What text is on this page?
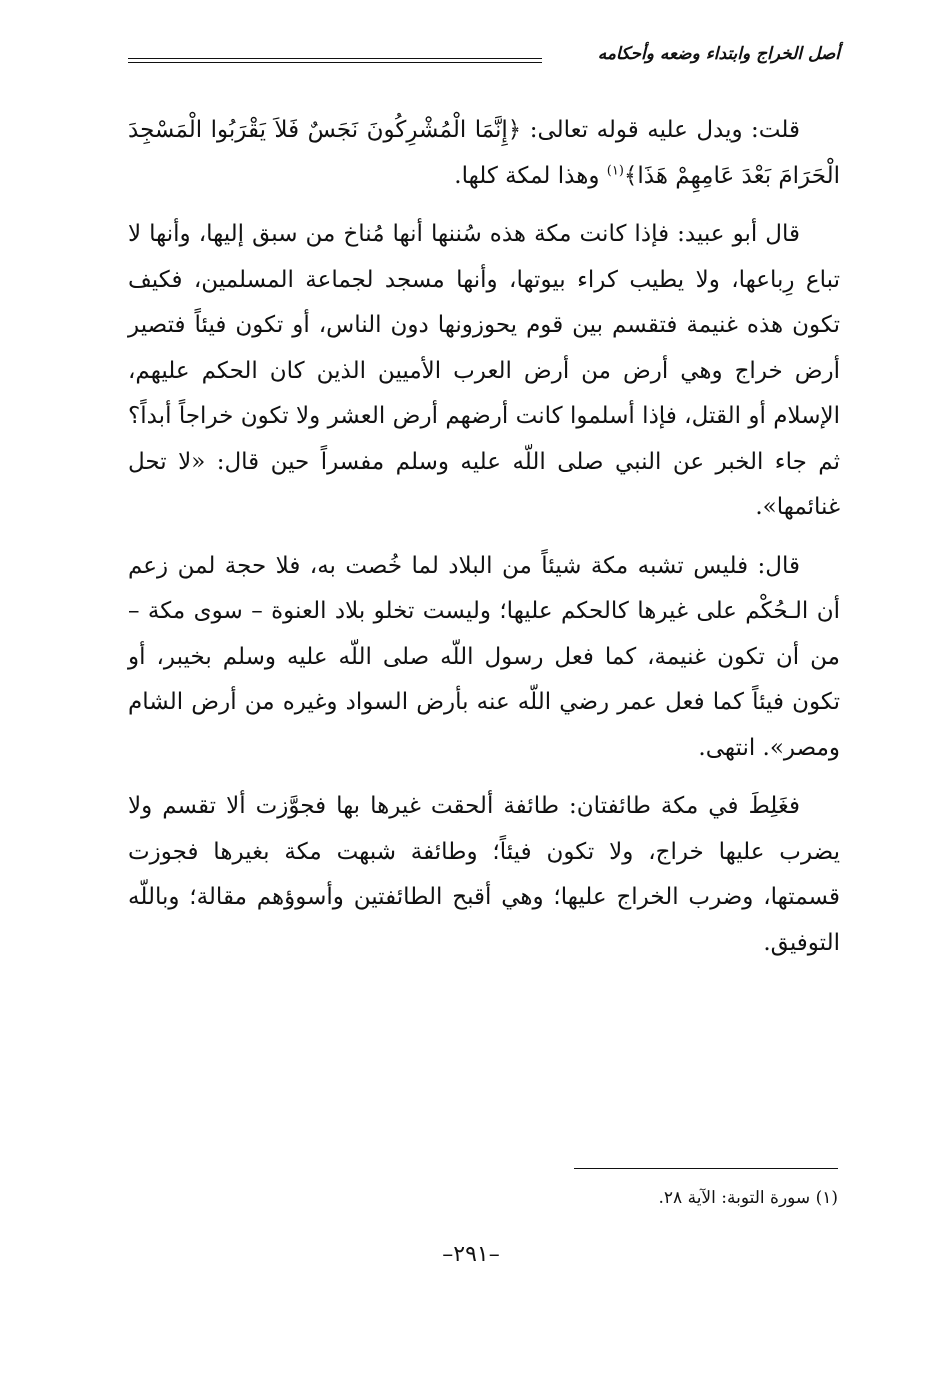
أصل الخراج وابتداء وضعه وأحكامه

قلت: ويدل عليه قوله تعالى: ﴿إِنَّمَا الْمُشْرِكُونَ نَجَسٌ فَلاَ يَقْرَبُوا الْمَسْجِدَ الْحَرَامَ بَعْدَ عَامِهِمْ هَذَا﴾$^{(١)}$ وهذا لمكة كلها.

قال أبو عبيد: فإذا كانت مكة هذه سُننها أنها مُناخ من سبق إليها، وأنها لا تباع رِباعها، ولا يطيب كراء بيوتها، وأنها مسجد لجماعة المسلمين، فكيف تكون هذه غنيمة فتقسم بين قوم يحوزونها دون الناس، أو تكون فيئاً فتصير أرض خراج وهي أرض من أرض العرب الأميين الذين كان الحكم عليهم، الإسلام أو القتل، فإذا أسلموا كانت أرضهم أرض العشر ولا تكون خراجاً أبداً؟ ثم جاء الخبر عن النبي صلى اللّه عليه وسلم مفسراً حين قال: «لا تحل غنائمها».

قال: فليس تشبه مكة شيئاً من البلاد لما خُصت به، فلا حجة لمن زعم أن الـحُكْم على غيرها كالحكم عليها؛ وليست تخلو بلاد العنوة – سوى مكة – من أن تكون غنيمة، كما فعل رسول اللّه صلى اللّه عليه وسلم بخيبر، أو تكون فيئاً كما فعل عمر رضي اللّه عنه بأرض السواد وغيره من أرض الشام ومصر». انتهى.

فغَلِطَ في مكة طائفتان: طائفة ألحقت غيرها بها فجوَّزت ألا تقسم ولا يضرب عليها خراج، ولا تكون فيئاً؛ وطائفة شبهت مكة بغيرها فجوزت قسمتها، وضرب الخراج عليها؛ وهي أقبح الطائفتين وأسوؤهم مقالة؛ وباللّه التوفيق.

(١) سورة التوبة: الآية ٢٨.
–٢٩١–
